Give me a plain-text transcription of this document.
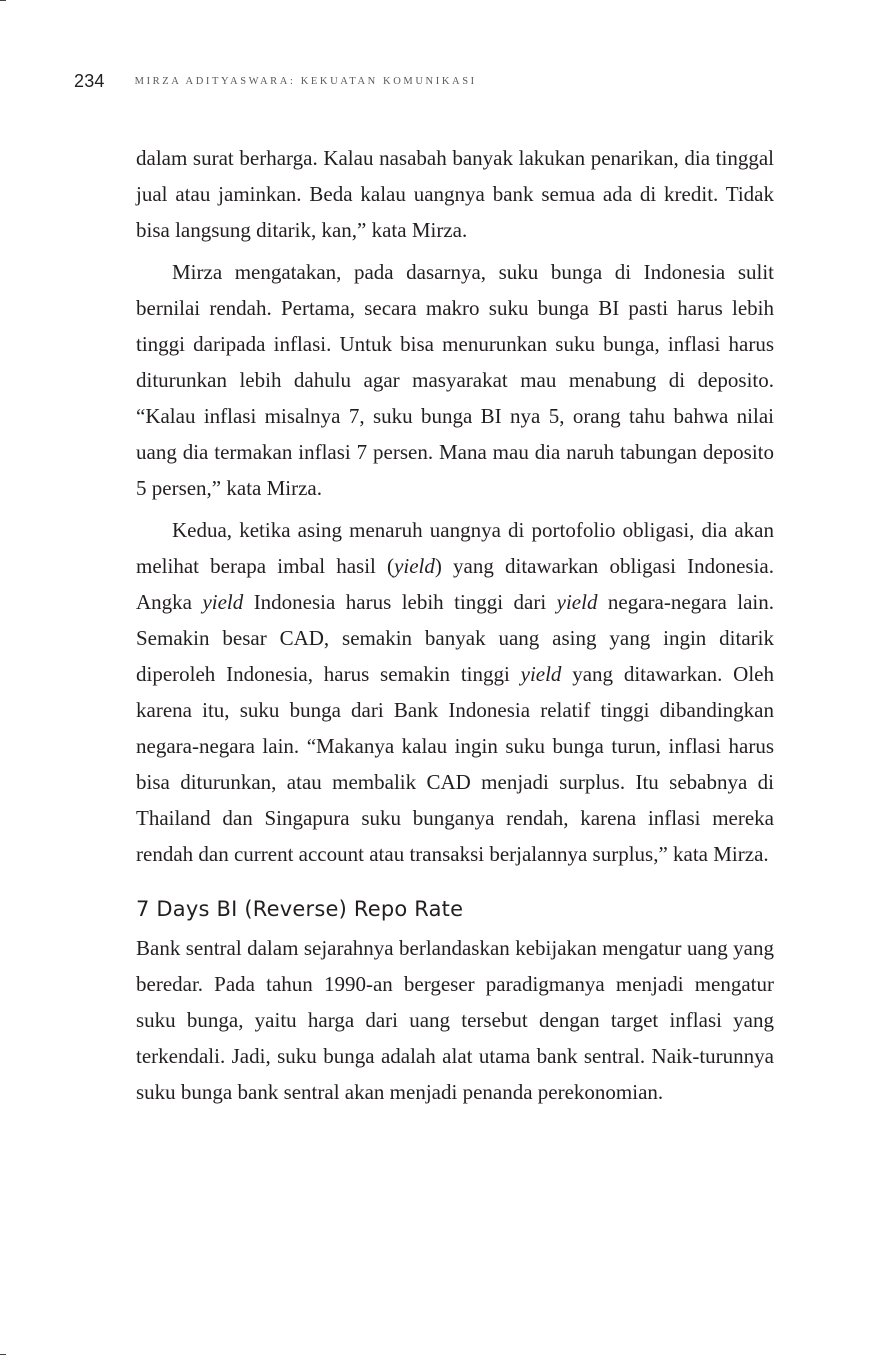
234	MIRZA ADITYASWARA: KEKUATAN KOMUNIKASI

dalam surat berharga. Kalau nasabah banyak lakukan penarikan, dia tinggal jual atau jaminkan. Beda kalau uangnya bank semua ada di kredit. Tidak bisa langsung ditarik, kan,” kata Mirza.

Mirza mengatakan, pada dasarnya, suku bunga di Indonesia sulit bernilai rendah. Pertama, secara makro suku bunga BI pasti harus lebih tinggi daripada inflasi. Untuk bisa menurunkan suku bunga, inflasi harus diturunkan lebih dahulu agar masyarakat mau menabung di deposito. “Kalau inflasi misalnya 7, suku bunga BI nya 5, orang tahu bahwa nilai uang dia termakan inflasi 7 persen. Mana mau dia naruh tabungan deposito 5 persen,” kata Mirza.

Kedua, ketika asing menaruh uangnya di portofolio obligasi, dia akan melihat berapa imbal hasil (yield) yang ditawarkan obligasi Indonesia. Angka yield Indonesia harus lebih tinggi dari yield negara-negara lain. Semakin besar CAD, semakin banyak uang asing yang ingin ditarik diperoleh Indonesia, harus semakin tinggi yield yang ditawarkan. Oleh karena itu, suku bunga dari Bank Indonesia relatif tinggi dibandingkan negara-negara lain. “Makanya kalau ingin suku bunga turun, inflasi harus bisa diturunkan, atau membalik CAD menjadi surplus. Itu sebabnya di Thailand dan Singapura suku bunganya rendah, karena inflasi mereka rendah dan current account atau transaksi berjalannya surplus,” kata Mirza.

7 Days BI (Reverse) Repo Rate

Bank sentral dalam sejarahnya berlandaskan kebijakan mengatur uang yang beredar. Pada tahun 1990-an bergeser paradigmanya menjadi mengatur suku bunga, yaitu harga dari uang tersebut dengan target inflasi yang terkendali. Jadi, suku bunga adalah alat utama bank sentral. Naik-turunnya suku bunga bank sentral akan menjadi penanda perekonomian.
